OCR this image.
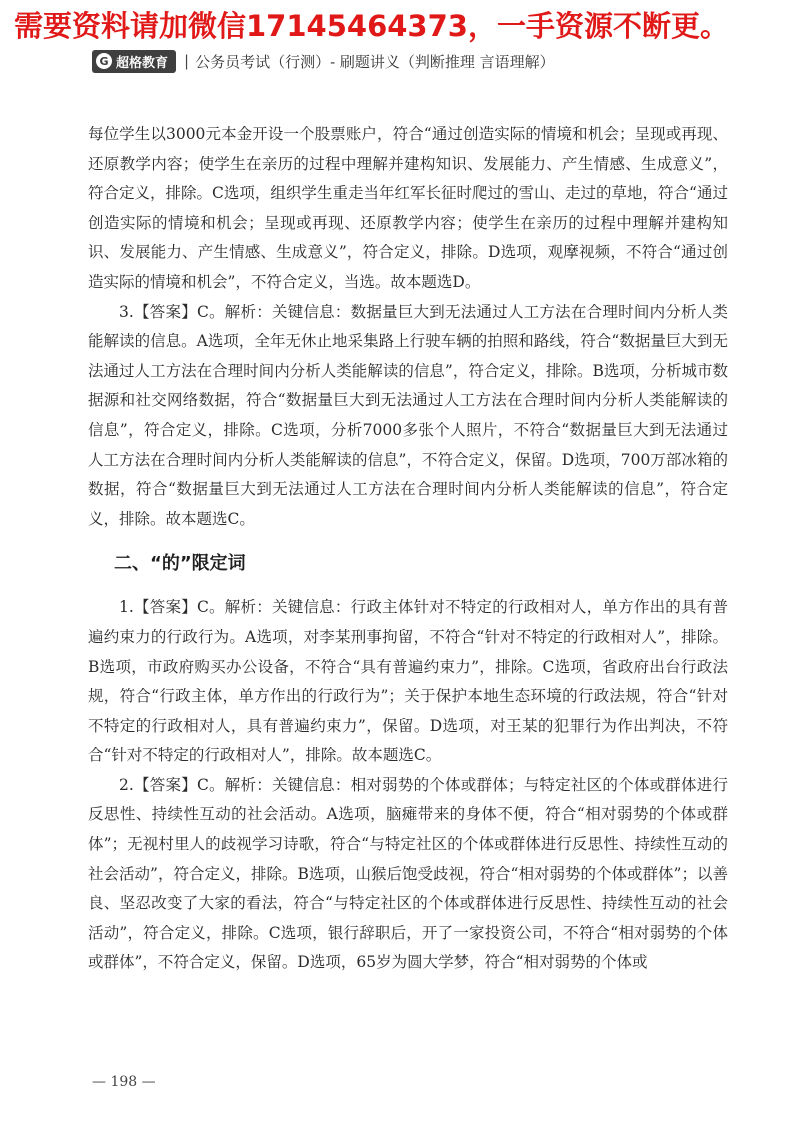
需要资料请加微信17145464373，一手资源不断更。
G 超格教育 | 公务员考试（行测）- 刷题讲义（判断推理 言语理解）

每位学生以3000元本金开设一个股票账户，符合“通过创造实际的情境和机会；呈现或再现、还原教学内容；使学生在亲历的过程中理解并建构知识、发展能力、产生情感、生成意义”，符合定义，排除。C选项，组织学生重走当年红军长征时爬过的雪山、走过的草地，符合“通过创造实际的情境和机会；呈现或再现、还原教学内容；使学生在亲历的过程中理解并建构知识、发展能力、产生情感、生成意义”，符合定义，排除。D选项，观摩视频，不符合“通过创造实际的情境和机会”，不符合定义，当选。故本题选D。

3.【答案】C。解析：关键信息：数据量巨大到无法通过人工方法在合理时间内分析人类能解读的信息。A选项，全年无休止地采集路上行驶车辆的拍照和路线，符合“数据量巨大到无法通过人工方法在合理时间内分析人类能解读的信息”，符合定义，排除。B选项，分析城市数据源和社交网络数据，符合“数据量巨大到无法通过人工方法在合理时间内分析人类能解读的信息”，符合定义，排除。C选项，分析7000多张个人照片，不符合“数据量巨大到无法通过人工方法在合理时间内分析人类能解读的信息”，不符合定义，保留。D选项，700万部冰箱的数据，符合“数据量巨大到无法通过人工方法在合理时间内分析人类能解读的信息”，符合定义，排除。故本题选C。

二、“的”限定词

1.【答案】C。解析：关键信息：行政主体针对不特定的行政相对人，单方作出的具有普遍约束力的行政行为。A选项，对李某刑事拘留，不符合“针对不特定的行政相对人”，排除。B选项，市政府购买办公设备，不符合“具有普遍约束力”，排除。C选项，省政府出台行政法规，符合“行政主体，单方作出的行政行为”；关于保护本地生态环境的行政法规，符合“针对不特定的行政相对人，具有普遍约束力”，保留。D选项，对王某的犯罪行为作出判决，不符合“针对不特定的行政相对人”，排除。故本题选C。

2.【答案】C。解析：关键信息：相对弱势的个体或群体；与特定社区的个体或群体进行反思性、持续性互动的社会活动。A选项，脑瘫带来的身体不便，符合“相对弱势的个体或群体”；无视村里人的歧视学习诗歌，符合“与特定社区的个体或群体进行反思性、持续性互动的社会活动”，符合定义，排除。B选项，山猴后饱受歧视，符合“相对弱势的个体或群体”；以善良、坚忍改变了大家的看法，符合“与特定社区的个体或群体进行反思性、持续性互动的社会活动”，符合定义，排除。C选项，银行辞职后，开了一家投资公司，不符合“相对弱势的个体或群体”，不符合定义，保留。D选项，65岁为圆大学梦，符合“相对弱势的个体或

— 198 —
